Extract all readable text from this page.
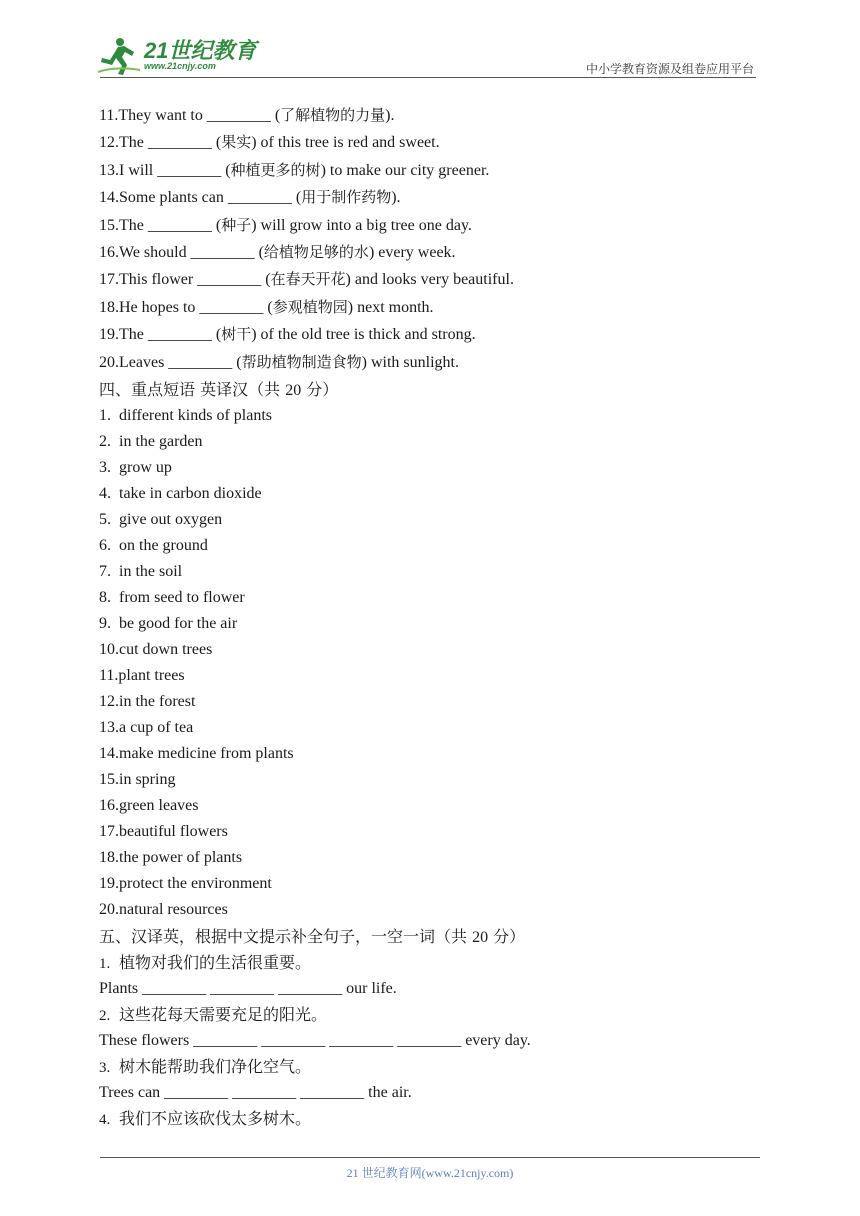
21世纪教育
www.21cnjy.com	中小学教育资源及组卷应用平台
11.They want to ________ (了解植物的力量).
12.The ________ (果实) of this tree is red and sweet.
13.I will ________ (种植更多的树) to make our city greener.
14.Some plants can ________ (用于制作药物).
15.The ________ (种子) will grow into a big tree one day.
16.We should ________ (给植物足够的水) every week.
17.This flower ________ (在春天开花) and looks very beautiful.
18.He hopes to ________ (参观植物园) next month.
19.The ________ (树干) of the old tree is thick and strong.
20.Leaves ________ (帮助植物制造食物) with sunlight.
四、重点短语 英译汉（共 20 分）
1. different kinds of plants
2. in the garden
3. grow up
4. take in carbon dioxide
5. give out oxygen
6. on the ground
7. in the soil
8. from seed to flower
9. be good for the air
10.cut down trees
11.plant trees
12.in the forest
13.a cup of tea
14.make medicine from plants
15.in spring
16.green leaves
17.beautiful flowers
18.the power of plants
19.protect the environment
20.natural resources
五、汉译英，根据中文提示补全句子，一空一词（共 20 分）
1. 植物对我们的生活很重要。
Plants ________ ________ ________ our life.
2. 这些花每天需要充足的阳光。
These flowers ________ ________ ________ ________ every day.
3. 树木能帮助我们净化空气。
Trees can ________ ________ ________ the air.
4. 我们不应该砍伐太多树木。
21 世纪教育网(www.21cnjy.com)
